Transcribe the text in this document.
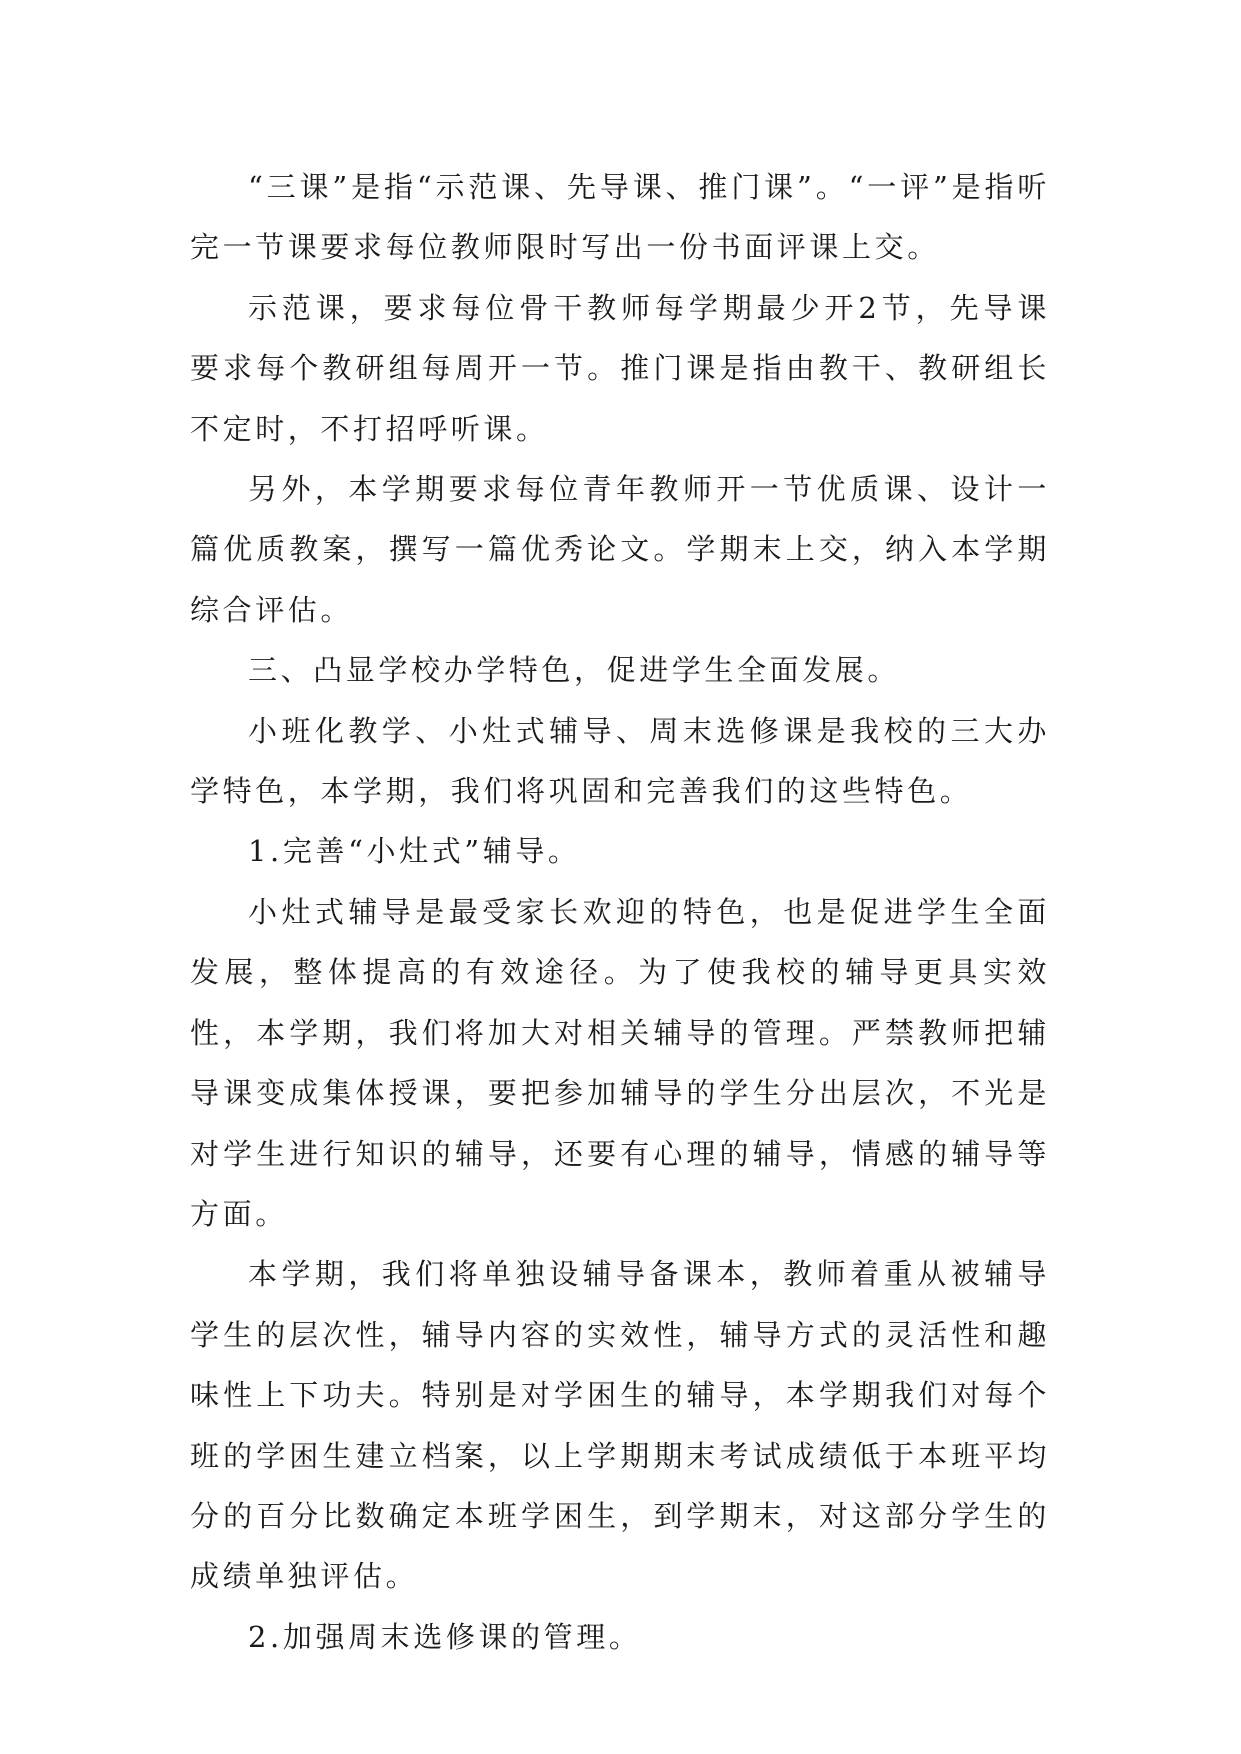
“三课”是指“示范课、先导课、推门课”。“一评”是指听完一节课要求每位教师限时写出一份书面评课上交。

示范课，要求每位骨干教师每学期最少开2节，先导课要求每个教研组每周开一节。推门课是指由教干、教研组长不定时，不打招呼听课。

另外，本学期要求每位青年教师开一节优质课、设计一篇优质教案，撰写一篇优秀论文。学期末上交，纳入本学期综合评估。

三、凸显学校办学特色，促进学生全面发展。

小班化教学、小灶式辅导、周末选修课是我校的三大办学特色，本学期，我们将巩固和完善我们的这些特色。

1.完善“小灶式”辅导。

小灶式辅导是最受家长欢迎的特色，也是促进学生全面发展，整体提高的有效途径。为了使我校的辅导更具实效性，本学期，我们将加大对相关辅导的管理。严禁教师把辅导课变成集体授课，要把参加辅导的学生分出层次，不光是对学生进行知识的辅导，还要有心理的辅导，情感的辅导等方面。

本学期，我们将单独设辅导备课本，教师着重从被辅导学生的层次性，辅导内容的实效性，辅导方式的灵活性和趣味性上下功夫。特别是对学困生的辅导，本学期我们对每个班的学困生建立档案，以上学期期末考试成绩低于本班平均分的百分比数确定本班学困生，到学期末，对这部分学生的成绩单独评估。

2.加强周末选修课的管理。
